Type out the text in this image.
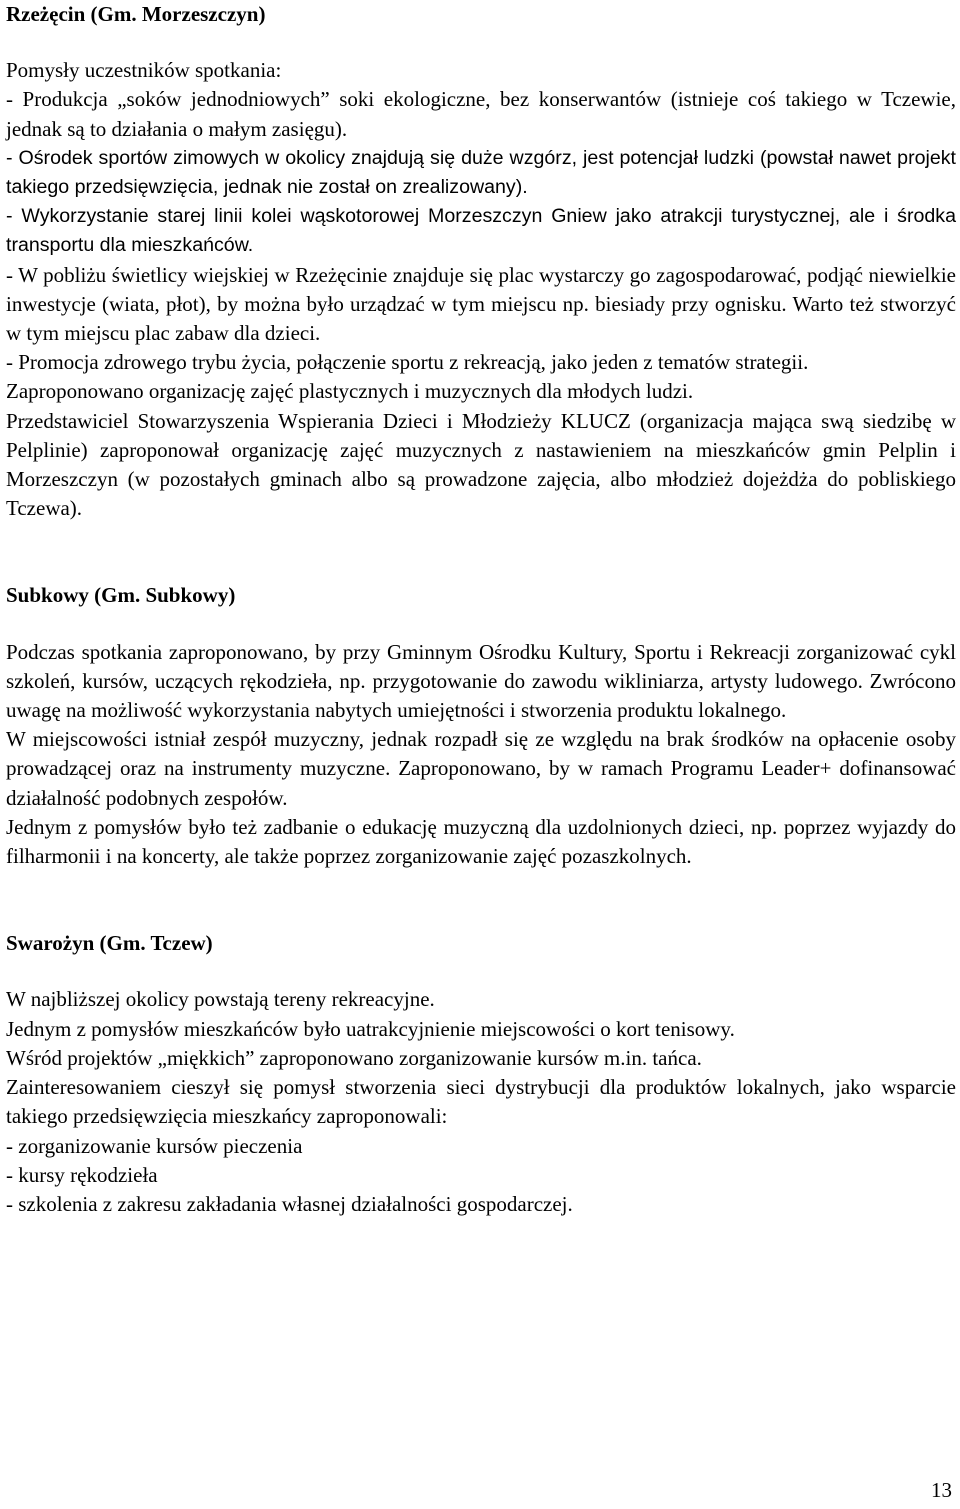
Rzeżęcin (Gm. Morzeszczyn)

Pomysły uczestników spotkania:

- Produkcja „soków jednodniowych” soki ekologiczne, bez konserwantów (istnieje coś takiego w Tczewie, jednak są to działania o małym zasięgu).

- Ośrodek sportów zimowych w okolicy znajdują się duże wzgórz, jest potencjał ludzki (powstał nawet projekt takiego przedsięwzięcia, jednak nie został on zrealizowany).

- Wykorzystanie starej linii kolei wąskotorowej Morzeszczyn Gniew jako atrakcji turystycznej, ale i środka transportu dla mieszkańców.

- W pobliżu świetlicy wiejskiej w Rzeżęcinie znajduje się plac wystarczy go zagospodarować, podjąć niewielkie inwestycje (wiata, płot), by można było urządzać w tym miejscu np. biesiady przy ognisku. Warto też stworzyć w tym miejscu plac zabaw dla dzieci.

- Promocja zdrowego trybu życia, połączenie sportu z rekreacją, jako jeden z tematów strategii.

Zaproponowano organizację zajęć plastycznych i muzycznych dla młodych ludzi.

Przedstawiciel Stowarzyszenia Wspierania Dzieci i Młodzieży KLUCZ (organizacja mająca swą siedzibę w Pelplinie) zaproponował organizację zajęć muzycznych z nastawieniem na mieszkańców gmin Pelplin i Morzeszczyn (w pozostałych gminach albo są prowadzone zajęcia, albo młodzież dojeżdża do pobliskiego Tczewa).

Subkowy (Gm. Subkowy)

Podczas spotkania zaproponowano, by przy Gminnym Ośrodku Kultury, Sportu i Rekreacji zorganizować cykl szkoleń, kursów, uczących rękodzieła, np. przygotowanie do zawodu wikliniarza, artysty ludowego. Zwrócono uwagę na możliwość wykorzystania nabytych umiejętności i stworzenia produktu lokalnego.

W miejscowości istniał zespół muzyczny, jednak rozpadł się ze względu na brak środków na opłacenie osoby prowadzącej oraz na instrumenty muzyczne. Zaproponowano, by w ramach Programu Leader+ dofinansować działalność podobnych zespołów.

Jednym z pomysłów było też zadbanie o edukację muzyczną dla uzdolnionych dzieci, np. poprzez wyjazdy do filharmonii i na koncerty, ale także poprzez zorganizowanie zajęć pozaszkolnych.

Swarożyn (Gm. Tczew)

W najbliższej okolicy powstają tereny rekreacyjne.

Jednym z pomysłów mieszkańców było uatrakcyjnienie miejscowości o kort tenisowy.

Wśród projektów „miękkich” zaproponowano zorganizowanie kursów m.in. tańca.

Zainteresowaniem cieszył się pomysł stworzenia sieci dystrybucji dla produktów lokalnych, jako wsparcie takiego przedsięwzięcia mieszkańcy zaproponowali:

- zorganizowanie kursów pieczenia

- kursy rękodzieła

- szkolenia z zakresu zakładania własnej działalności gospodarczej.

13
